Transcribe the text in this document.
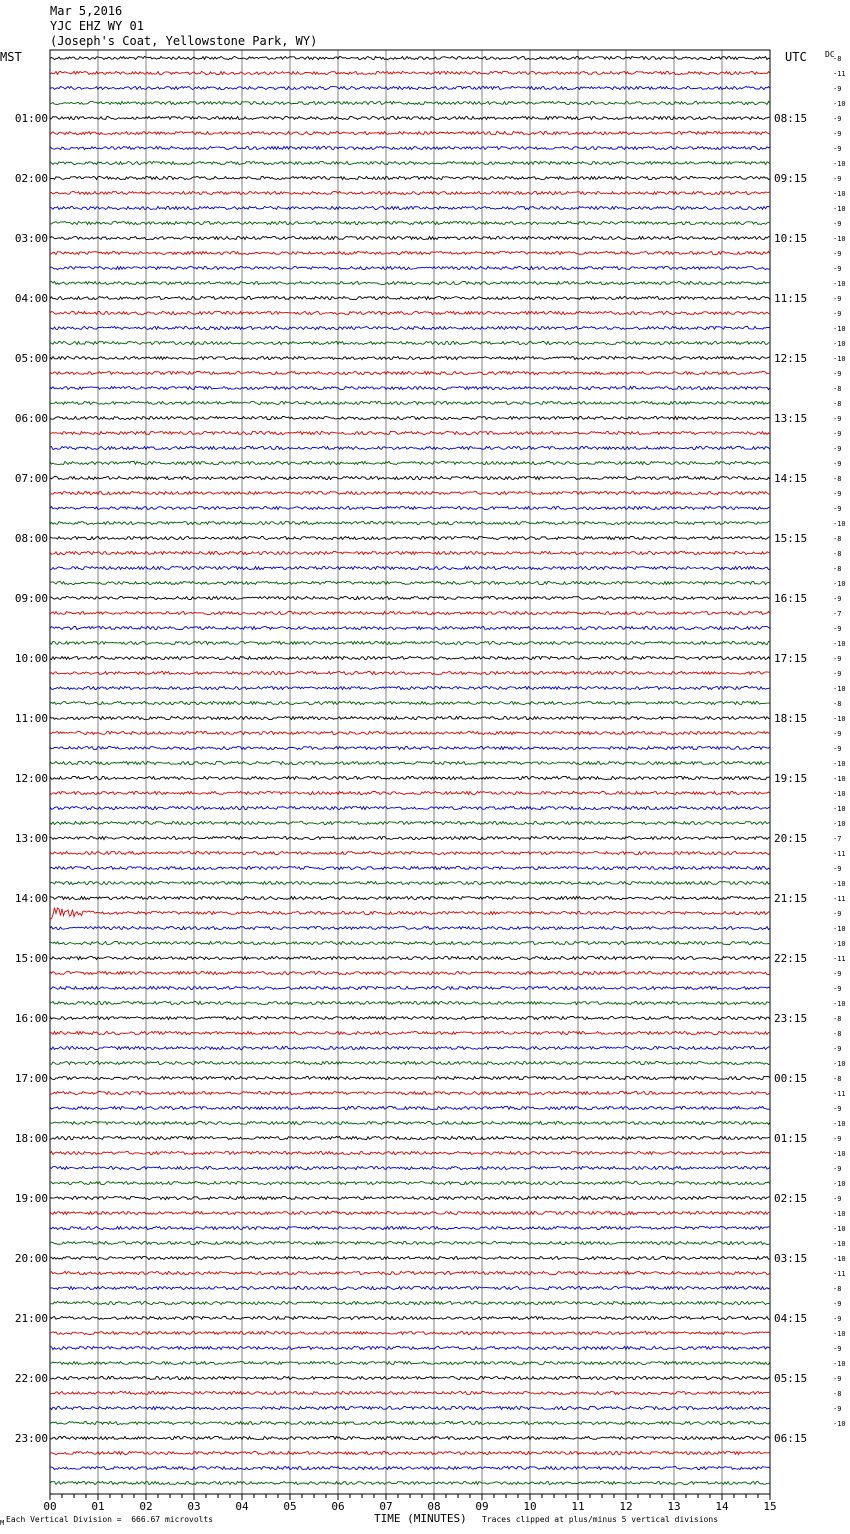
Mar 5,2016
YJC EHZ WY 01
(Joseph's Coat, Yellowstone Park, WY)
MST	UTC DC
-8
-11
-9
-10
-9
-9
-9
-10
-9
-10
-10
-9
-10
-9
-9
-10
-9
-9
-10
-10
-10
-9
-8
-8
-9
-9
-9
-9
-8
-9
-9
-10
-8
-8
-8
-10
-9
-7
-9
-10
-9
-9
-10
-8
-10
-9
-9
-10
-10
-10
-10
-10
-7
-11
-9
-10
-11
-9
-10
-10
-11
-9
-9
-10
-8
-8
-9
-10
-8
-11
-9
-10
-9
-10
-9
-10
-9
-10
-10
-10
-10
-11
-8
-9
-9
-10
-9
-10
-9
-8
-9
-10
01:00
02:00
03:00
04:00
05:00
06:00
07:00
08:00
09:00
10:00
11:00
12:00
13:00
14:00
15:00
16:00
17:00
18:00
19:00
20:00
21:00
22:00
23:00
08:15
09:15
10:15
11:15
12:15
13:15
14:15
15:15
16:15
17:15
18:15
19:15
20:15
21:15
22:15
23:15
00:15
01:15
02:15
03:15
04:15
05:15
06:15
00	01	02	03	04	05	06	07	08	09	10	11	12	13	14	15
M Each Vertical Division =  666.67 microvolts	TIME (MINUTES) Traces clipped at plus/minus 5 vertical divisions
